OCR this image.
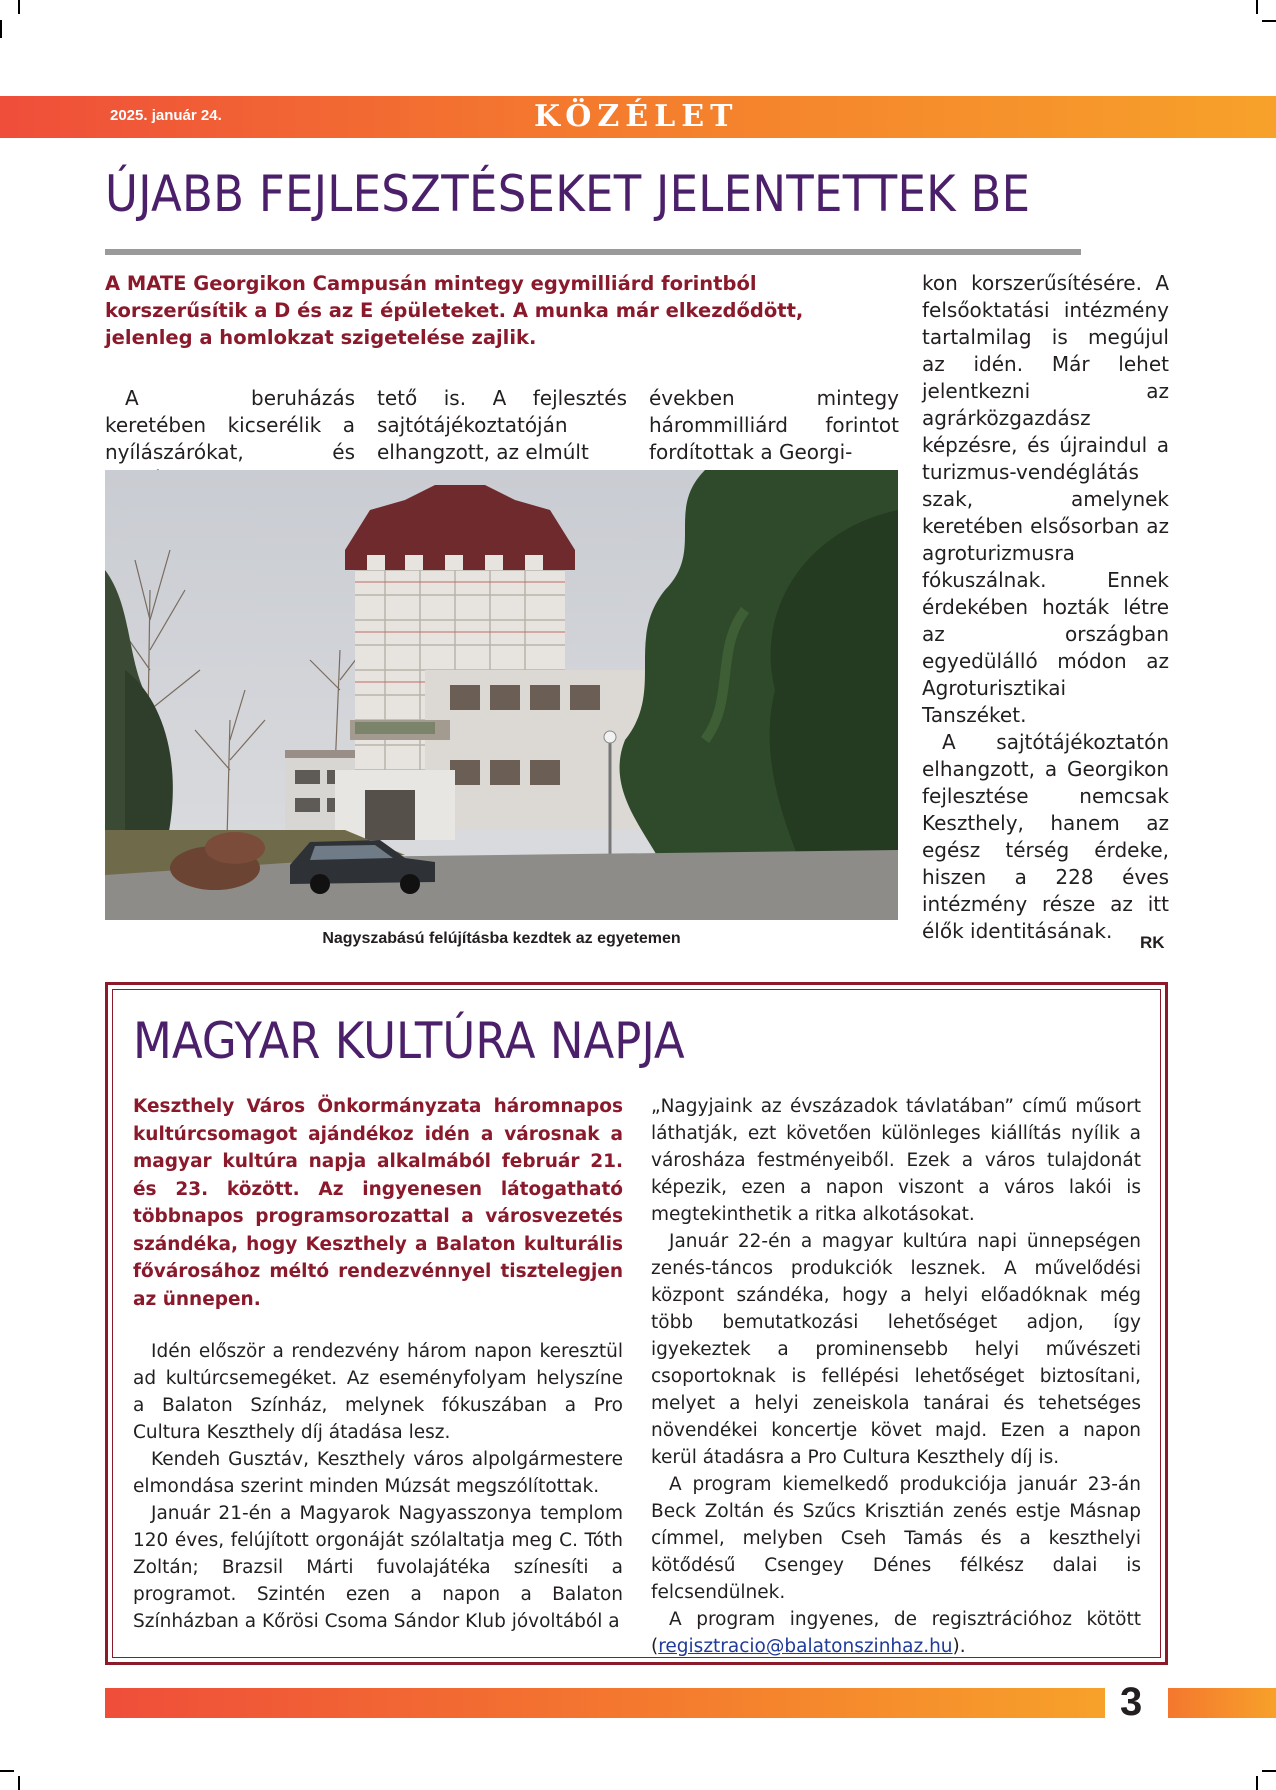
2025. január 24.	KÖZÉLET
ÚJABB FEJLESZTÉSEKET JELENTETTEK BE
A MATE Georgikon Campusán mintegy egymilliárd forintból korszerűsítik a D és az E épületeket. A munka már elkezdődött, jelenleg a homlokzat szigetelése zajlik.

A beruházás keretében kicserélik a nyílászárókat, és

tető is. A fejlesztés sajtótájékoztatóján elhangzott, az elmúlt

években mintegy hárommilliárd forintot fordítottak a Georgi-

kon korszerűsítésére. A felsőoktatási intézmény tartalmilag is megújul az idén. Már lehet jelentkezni az agrárközgazdász képzésre, és újraindul a turizmus-vendéglátás szak, amelynek keretében elsősorban az agroturizmusra fókuszálnak. Ennek érdekében hozták létre az országban egyedülálló módon az Agroturisztikai Tanszéket.

A sajtótájékoztatón elhangzott, a Georgikon fejlesztése nemcsak Keszthely, hanem az egész térség érdeke, hiszen a 228 éves intézmény része az itt élők identitásának.

Nagyszabású felújításba kezdtek az egyetemen	RK
MAGYAR KULTÚRA NAPJA
Keszthely Város Önkormányzata háromnapos kultúrcsomagot ajándékoz idén a városnak a magyar kultúra napja alkalmából február 21. és 23. között. Az ingyenesen látogatható többnapos programsorozattal a városvezetés szándéka, hogy Keszthely a Balaton kulturális fővárosához méltó rendezvénnyel tisztelegjen az ünnepen.

Idén először a rendezvény három napon keresztül ad kultúrcsemegéket. Az eseményfolyam helyszíne a Balaton Színház, melynek fókuszában a Pro Cultura Keszthely díj átadása lesz.

Kendeh Gusztáv, Keszthely város alpolgármestere elmondása szerint minden Múzsát megszólítottak.

Január 21-én a Magyarok Nagyasszonya templom 120 éves, felújított orgonáját szólaltatja meg C. Tóth Zoltán; Brazsil Márti fuvolajátéka színesíti a programot. Szintén ezen a napon a Balaton Színházban a Kőrösi Csoma Sándor Klub jóvoltából a

„Nagyjaink az évszázadok távlatában” című műsort láthatják, ezt követően különleges kiállítás nyílik a városháza festményeiből. Ezek a város tulajdonát képezik, ezen a napon viszont a város lakói is megtekinthetik a ritka alkotásokat.

Január 22-én a magyar kultúra napi ünnepségen zenés-táncos produkciók lesznek. A művelődési központ szándéka, hogy a helyi előadóknak még több bemutatkozási lehetőséget adjon, így igyekeztek a prominensebb helyi művészeti csoportoknak is fellépési lehetőséget biztosítani, melyet a helyi zeneiskola tanárai és tehetséges növendékei koncertje követ majd. Ezen a napon kerül átadásra a Pro Cultura Keszthely díj is.

A program kiemelkedő produkciója január 23-án Beck Zoltán és Szűcs Krisztián zenés estje Másnap címmel, melyben Cseh Tamás és a keszthelyi kötődésű Csengey Dénes félkész dalai is felcsendülnek.

A program ingyenes, de regisztrációhoz kötött (regisztracio@balatonszinhaz.hu).

3
